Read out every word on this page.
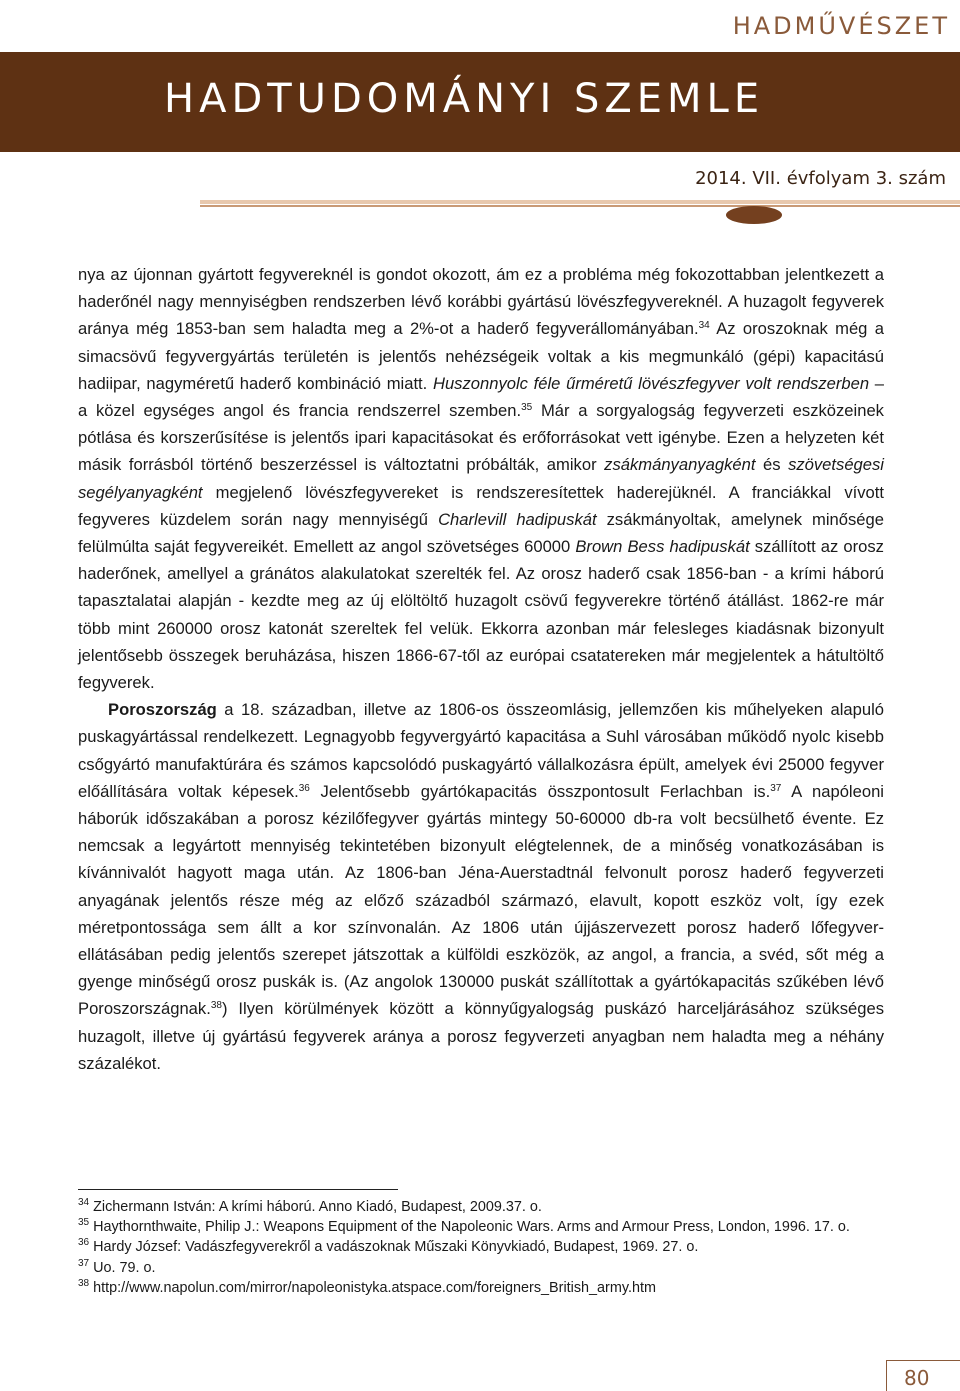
HADMŰVÉSZET
HADTUDOMÁNYI SZEMLE
2014. VII. évfolyam 3. szám

nya az újonnan gyártott fegyvereknél is gondot okozott, ám ez a probléma még fokozottabban jelentkezett a haderőnél nagy mennyiségben rendszerben lévő korábbi gyártású lövészfegyvereknél. A huzagolt fegyverek aránya még 1853-ban sem haladta meg a 2%-ot a haderő fegyverállományában.$^{34}$ Az oroszoknak még a simacsövű fegyvergyártás területén is jelentős nehézségeik voltak a kis megmunkáló (gépi) kapacitású hadiipar, nagyméretű haderő kombináció miatt. Huszonnyolc féle űrméretű lövészfegyver volt rendszerben – a közel egységes angol és francia rendszerrel szemben.$^{35}$ Már a sorgyalogság fegyverzeti eszközeinek pótlása és korszerűsítése is jelentős ipari kapacitásokat és erőforrásokat vett igénybe. Ezen a helyzeten két másik forrásból történő beszerzéssel is változtatni próbálták, amikor zsákmányanyagként és szövetségesi segélyanyagként megjelenő lövészfegyvereket is rendszeresítettek haderejüknél. A franciákkal vívott fegyveres küzdelem során nagy mennyiségű Charlevill hadipuskát zsákmányoltak, amelynek minősége felülmúlta saját fegyvereikét. Emellett az angol szövetséges 60000 Brown Bess hadipuskát szállított az orosz haderőnek, amellyel a gránátos alakulatokat szerelték fel. Az orosz haderő csak 1856-ban - a krími háború tapasztalatai alapján - kezdte meg az új elöltöltő huzagolt csövű fegyverekre történő átállást. 1862-re már több mint 260000 orosz katonát szereltek fel velük. Ekkorra azonban már felesleges kiadásnak bizonyult jelentősebb összegek beruházása, hiszen 1866-67-től az európai csatatereken már megjelentek a hátultöltő fegyverek.

Poroszország a 18. században, illetve az 1806-os összeomlásig, jellemzően kis műhelyeken alapuló puskagyártással rendelkezett. Legnagyobb fegyvergyártó kapacitása a Suhl városában működő nyolc kisebb csőgyártó manufaktúrára és számos kapcsolódó puskagyártó vállalkozásra épült, amelyek évi 25000 fegyver előállítására voltak képesek.$^{36}$ Jelentősebb gyártókapacitás összpontosult Ferlachban is.$^{37}$ A napóleoni háborúk időszakában a porosz kézilőfegyver gyártás mintegy 50-60000 db-ra volt becsülhető évente. Ez nemcsak a legyártott mennyiség tekintetében bizonyult elégtelennek, de a minőség vonatkozásában is kívánnivalót hagyott maga után. Az 1806-ban Jéna-Auerstadtnál felvonult porosz haderő fegyverzeti anyagának jelentős része még az előző századból származó, elavult, kopott eszköz volt, így ezek méretpontossága sem állt a kor színvonalán. Az 1806 után újjászervezett porosz haderő lőfegyver-ellátásában pedig jelentős szerepet játszottak a külföldi eszközök, az angol, a francia, a svéd, sőt még a gyenge minőségű orosz puskák is. (Az angolok 130000 puskát szállítottak a gyártókapacitás szűkében lévő Poroszországnak.$^{38}$) Ilyen körülmények között a könnyűgyalogság puskázó harceljárásához szükséges huzagolt, illetve új gyártású fegyverek aránya a porosz fegyverzeti anyagban nem haladta meg a néhány százalékot.

$^{34}$ Zichermann István: A krími háború. Anno Kiadó, Budapest, 2009.37. o.
$^{35}$ Haythornthwaite, Philip J.: Weapons Equipment of the Napoleonic Wars. Arms and Armour Press, London, 1996. 17. o.
$^{36}$ Hardy József: Vadászfegyverekről a vadászoknak Műszaki Könyvkiadó, Budapest, 1969. 27. o.
$^{37}$ Uo. 79. o.
$^{38}$ http://www.napolun.com/mirror/napoleonistyka.atspace.com/foreigners_British_army.htm
80
